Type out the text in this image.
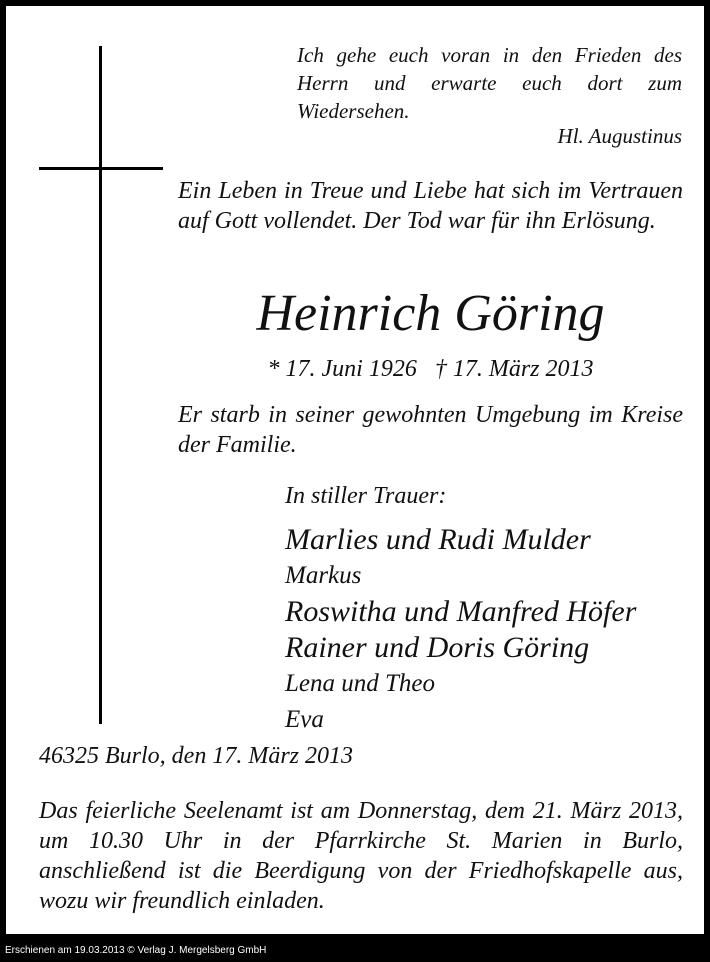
Ich gehe euch voran in den Frieden des Herrn und erwarte euch dort zum Wiedersehen.
Hl. Augustinus
Ein Leben in Treue und Liebe hat sich im Vertrauen auf Gott vollendet. Der Tod war für ihn Erlösung.
Heinrich Göring
* 17. Juni 1926   † 17. März 2013
Er starb in seiner gewohnten Umgebung im Kreise der Familie.
In stiller Trauer:
Marlies und Rudi Mulder
Markus
Roswitha und Manfred Höfer
Rainer und Doris Göring
Lena und Theo
Eva
46325 Burlo, den 17. März 2013
Das feierliche Seelenamt ist am Donnerstag, dem 21. März 2013, um 10.30 Uhr in der Pfarrkirche St. Marien in Burlo, anschließend ist die Beerdigung von der Friedhofskapelle aus, wozu wir freundlich einladen.
Erschienen am 19.03.2013 © Verlag J. Mergelsberg GmbH
